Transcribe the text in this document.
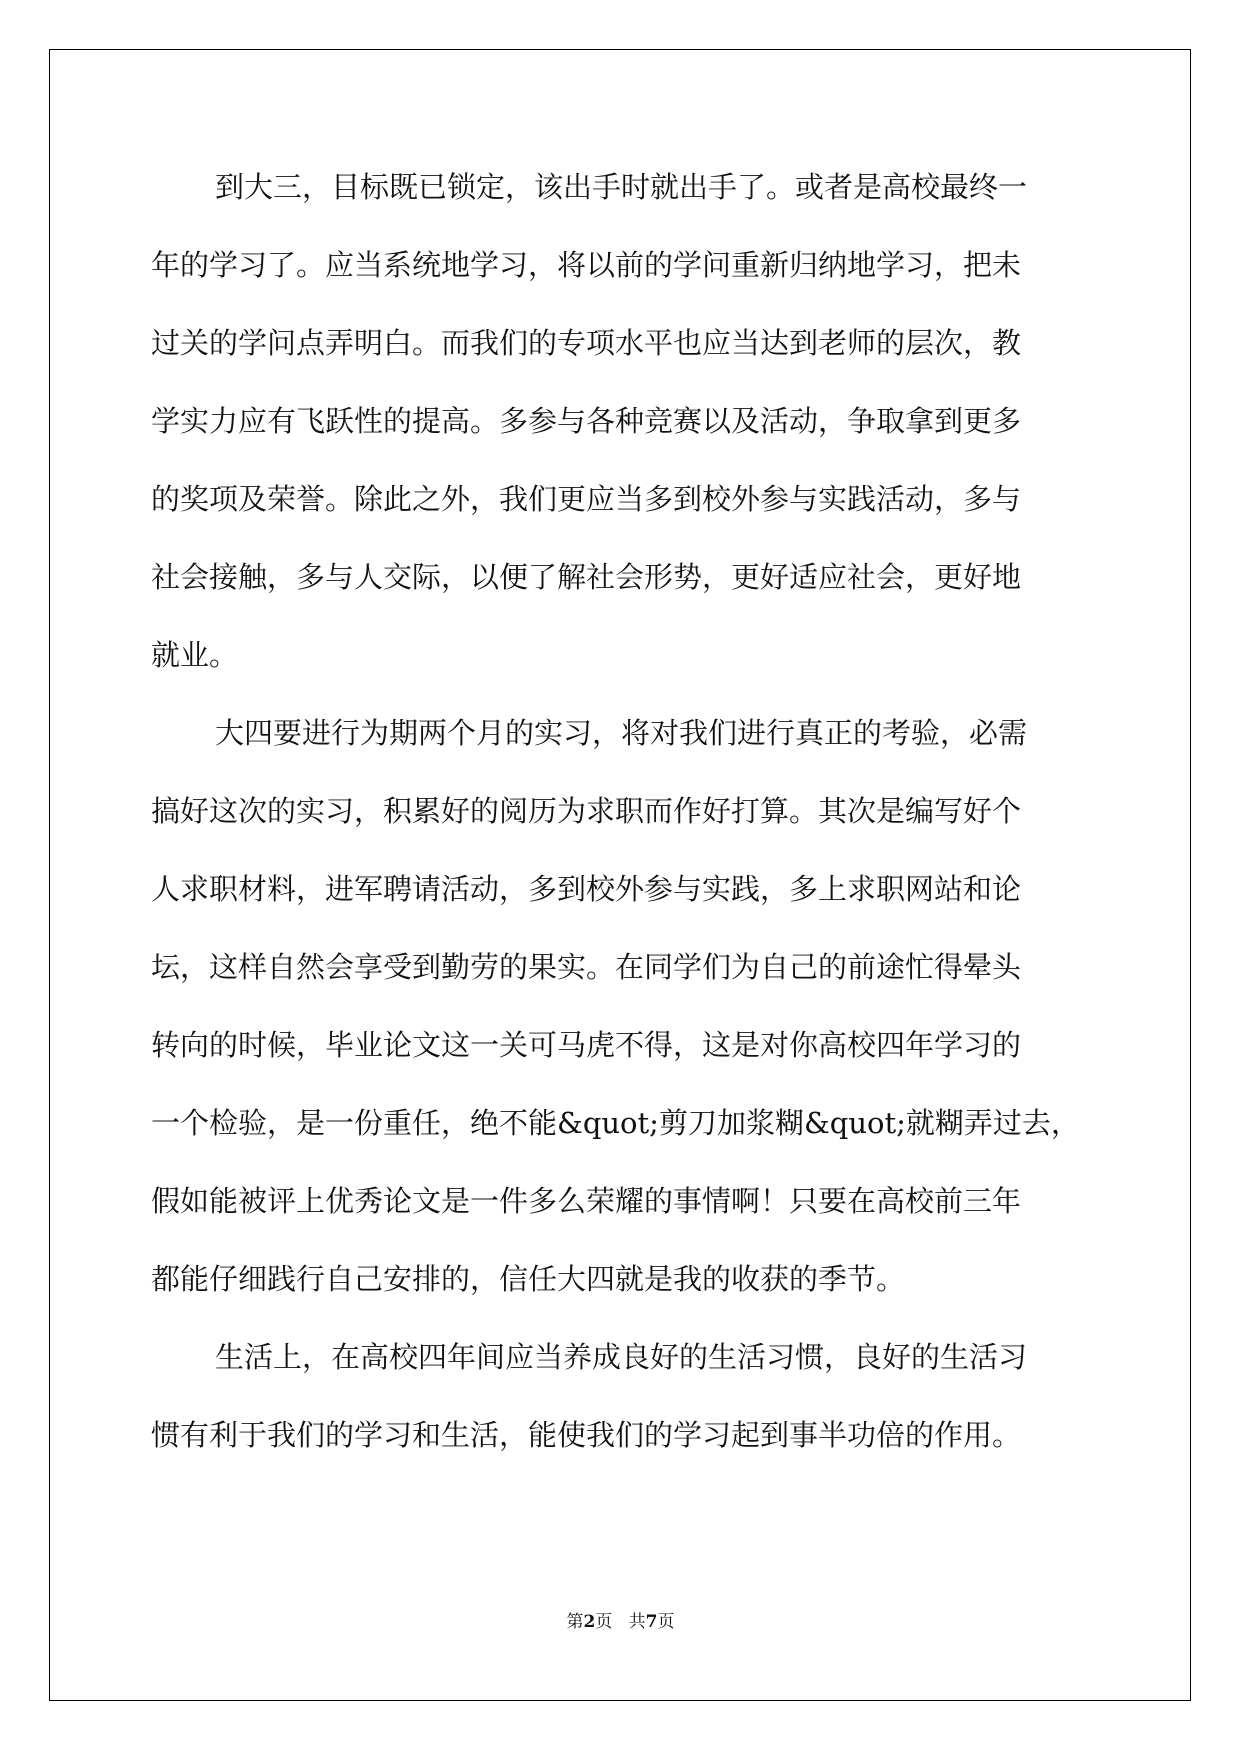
到大三，目标既已锁定，该出手时就出手了。或者是高校最终一
年的学习了。应当系统地学习，将以前的学问重新归纳地学习，把未
过关的学问点弄明白。而我们的专项水平也应当达到老师的层次，教
学实力应有飞跃性的提高。多参与各种竞赛以及活动，争取拿到更多
的奖项及荣誉。除此之外，我们更应当多到校外参与实践活动，多与
社会接触，多与人交际，以便了解社会形势，更好适应社会，更好地
就业。
大四要进行为期两个月的实习，将对我们进行真正的考验，必需
搞好这次的实习，积累好的阅历为求职而作好打算。其次是编写好个
人求职材料，进军聘请活动，多到校外参与实践，多上求职网站和论
坛，这样自然会享受到勤劳的果实。在同学们为自己的前途忙得晕头
转向的时候，毕业论文这一关可马虎不得，这是对你高校四年学习的
一个检验，是一份重任，绝不能&quot;剪刀加浆糊&quot;就糊弄过去，
假如能被评上优秀论文是一件多么荣耀的事情啊！只要在高校前三年
都能仔细践行自己安排的，信任大四就是我的收获的季节。
生活上，在高校四年间应当养成良好的生活习惯，良好的生活习
惯有利于我们的学习和生活，能使我们的学习起到事半功倍的作用。
第2页 共7页
